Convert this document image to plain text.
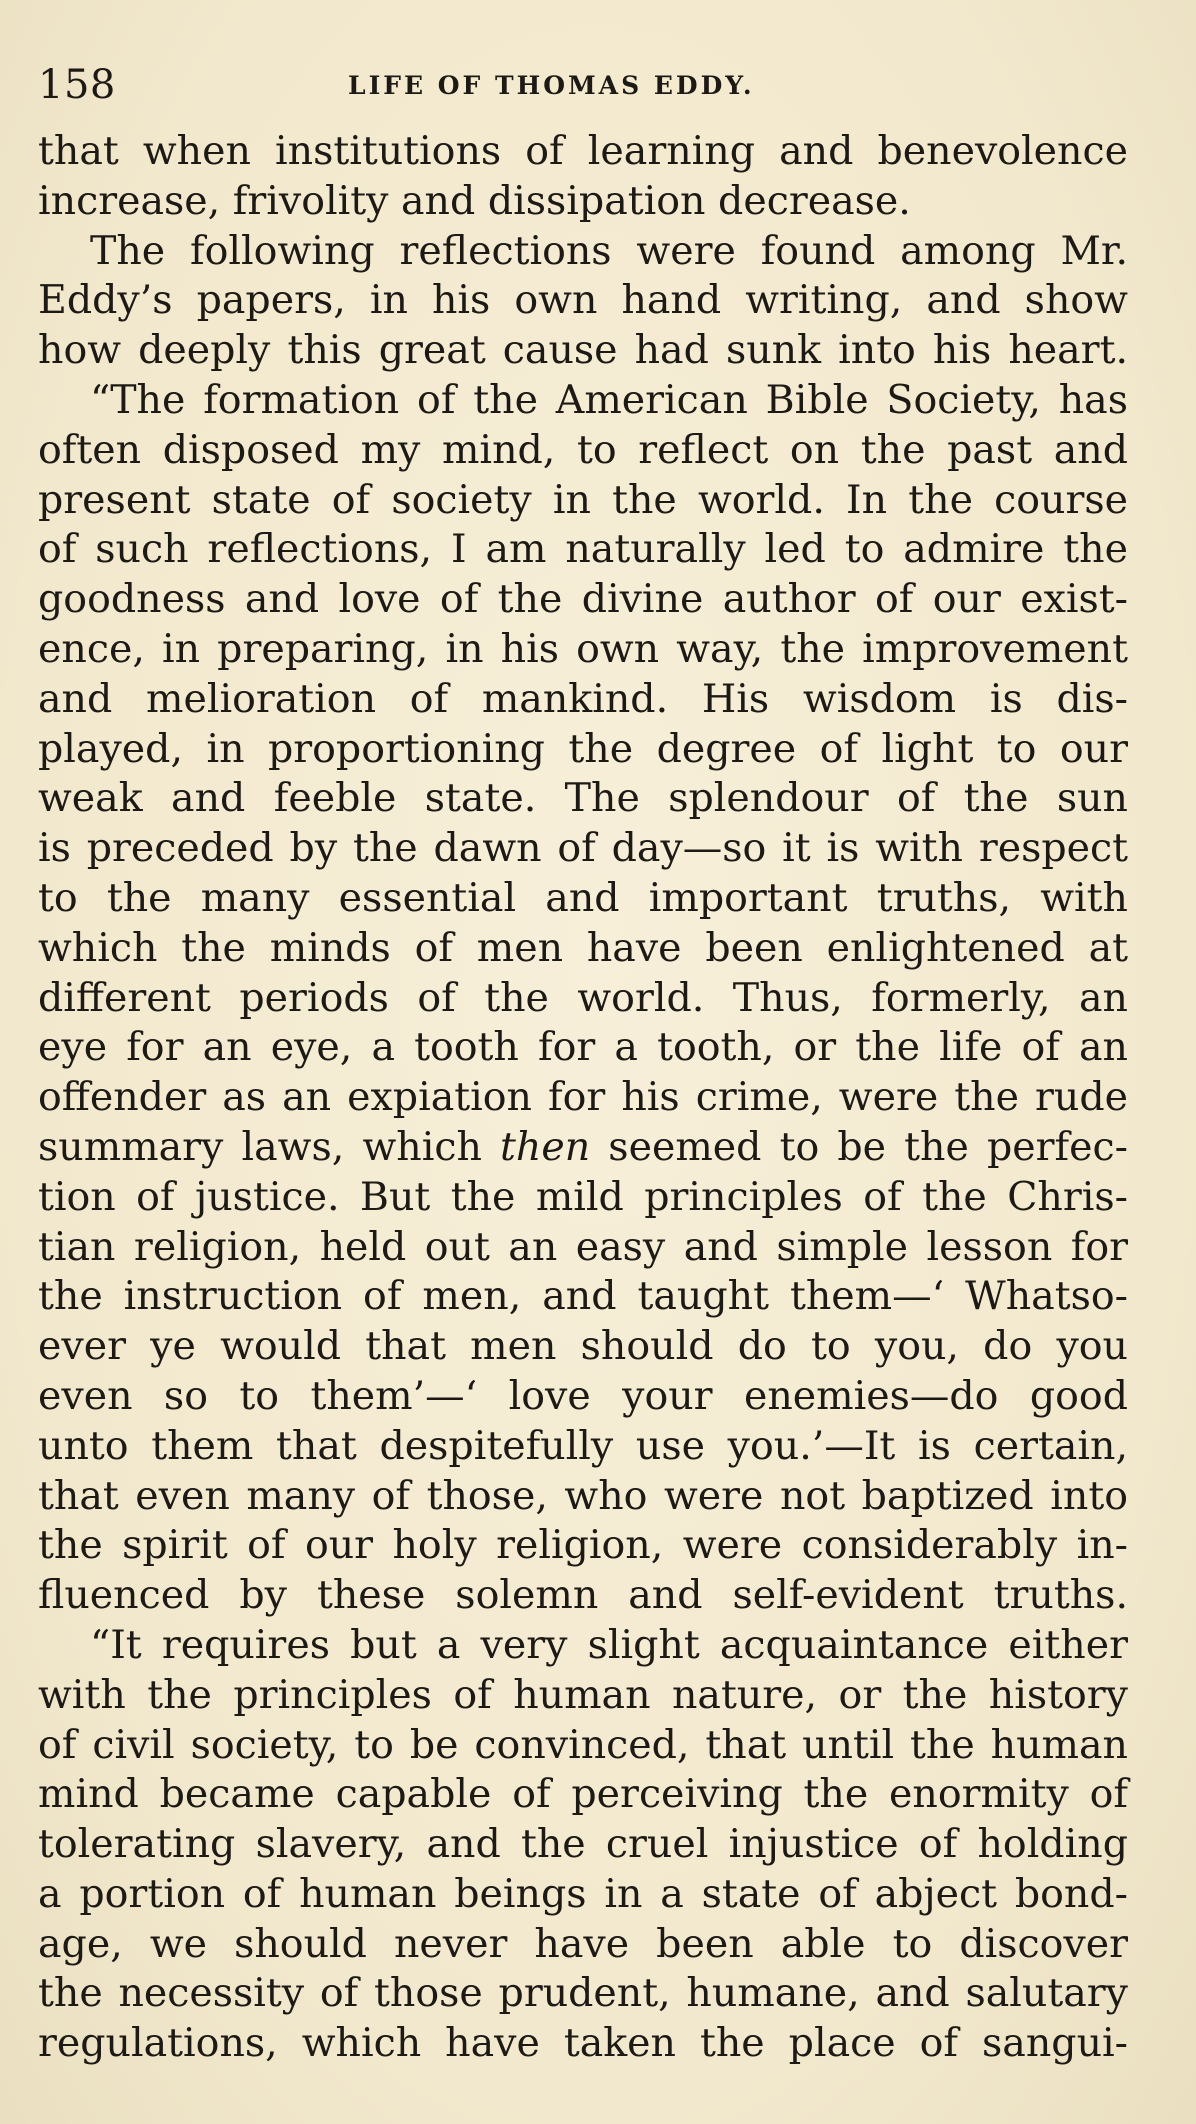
158	LIFE OF THOMAS EDDY.
that when institutions of learning and benevolence
increase, frivolity and dissipation decrease.
The following reflections were found among Mr.
Eddy’s papers, in his own hand writing, and show
how deeply this great cause had sunk into his heart.
“The formation of the American Bible Society, has
often disposed my mind, to reflect on the past and
present state of society in the world. In the course
of such reflections, I am naturally led to admire the
goodness and love of the divine author of our exist-
ence, in preparing, in his own way, the improvement
and melioration of mankind. His wisdom is dis-
played, in proportioning the degree of light to our
weak and feeble state. The splendour of the sun
is preceded by the dawn of day—so it is with respect
to the many essential and important truths, with
which the minds of men have been enlightened at
different periods of the world. Thus, formerly, an
eye for an eye, a tooth for a tooth, or the life of an
offender as an expiation for his crime, were the rude
summary laws, which then seemed to be the perfec-
tion of justice. But the mild principles of the Chris-
tian religion, held out an easy and simple lesson for
the instruction of men, and taught them—‘ Whatso-
ever ye would that men should do to you, do you
even so to them’—‘ love your enemies—do good
unto them that despitefully use you.’—It is certain,
that even many of those, who were not baptized into
the spirit of our holy religion, were considerably in-
fluenced by these solemn and self-evident truths.
“It requires but a very slight acquaintance either
with the principles of human nature, or the history
of civil society, to be convinced, that until the human
mind became capable of perceiving the enormity of
tolerating slavery, and the cruel injustice of holding
a portion of human beings in a state of abject bond-
age, we should never have been able to discover
the necessity of those prudent, humane, and salutary
regulations, which have taken the place of sangui-
